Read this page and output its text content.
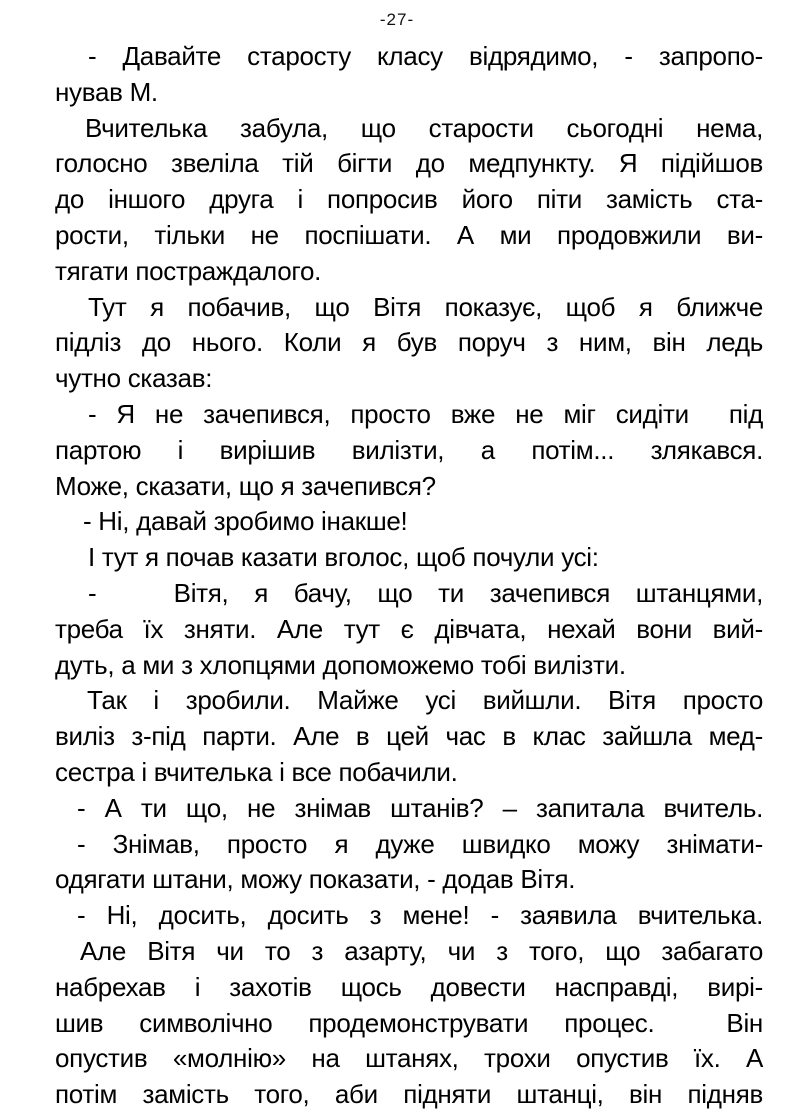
-27-
- Давайте старосту класу відрядимо, - запропо-
нував М.
Вчителька забула, що старости сьогодні нема,
голосно звеліла тій бігти до медпункту. Я підійшов
до іншого друга і попросив його піти замість ста-
рости, тільки не поспішати. А ми продовжили ви-
тягати постраждалого.
Тут я побачив, що Вітя показує, щоб я ближче
підліз до нього. Коли я був поруч з ним, він ледь
чутно сказав:
- Я не зачепився, просто вже не міг сидіти  під
партою і вирішив вилізти, а потім... злякався.
Може, сказати, що я зачепився?
- Ні, давай зробимо інакше!
І тут я почав казати вголос, щоб почули усі:
-   Вітя, я бачу, що ти зачепився штанцями,
треба їх зняти. Але тут є дівчата, нехай вони вий-
дуть, а ми з хлопцями допоможемо тобі вилізти.
Так і зробили. Майже усі вийшли. Вітя просто
виліз з-під парти. Але в цей час в клас зайшла мед-
сестра і вчителька і все побачили.
- А ти що, не знімав штанів? – запитала вчитель.
- Знімав, просто я дуже швидко можу знімати-
одягати штани, можу показати, - додав Вітя.
- Ні, досить, досить з мене! - заявила вчителька.
Але Вітя чи то з азарту, чи з того, що забагато
набрехав і захотів щось довести насправді, вирі-
шив символічно продемонструвати процес.  Він
опустив «молнію» на штанях, трохи опустив їх. А
потім замість того, аби підняти штанці, він підняв
